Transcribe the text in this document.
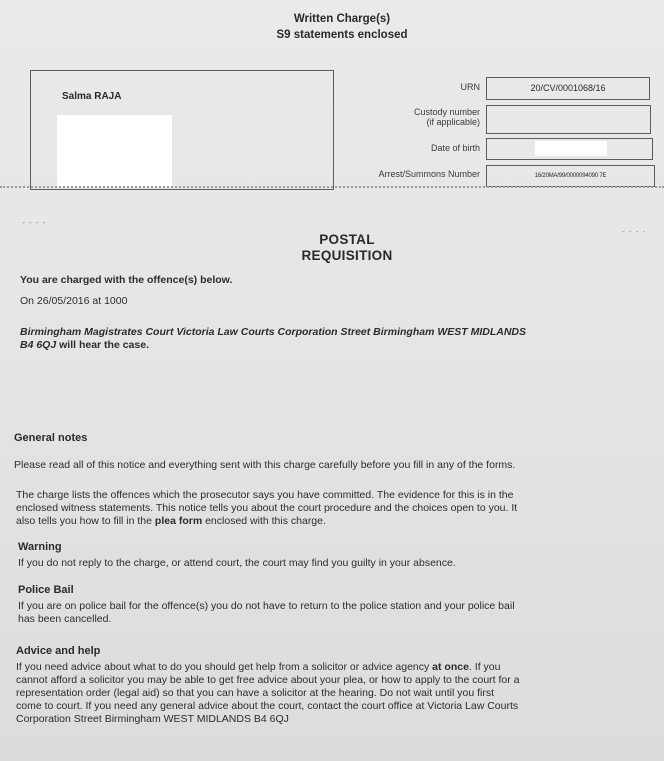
Written Charge(s)
S9 statements enclosed
Salma RAJA
URN	20/CV/0001068/16
Custody number
(if applicable)
Date of birth
Arrest/Summons Number	16/20MA/99/0000094090 7E
- - - -
- - - -
POSTAL
REQUISITION
You are charged with the offence(s) below.
On 26/05/2016 at 1000
Birmingham Magistrates Court Victoria Law Courts Corporation Street Birmingham WEST MIDLANDS
B4 6QJ will hear the case.
General notes
Please read all of this notice and everything sent with this charge carefully before you fill in any of the forms.
The charge lists the offences which the prosecutor says you have committed. The evidence for this is in the
enclosed witness statements. This notice tells you about the court procedure and the choices open to you. It
also tells you how to fill in the plea form enclosed with this charge.
Warning
If you do not reply to the charge, or attend court, the court may find you guilty in your absence.
Police Bail
If you are on police bail for the offence(s) you do not have to return to the police station and your police bail
has been cancelled.
Advice and help
If you need advice about what to do you should get help from a solicitor or advice agency at once. If you
cannot afford a solicitor you may be able to get free advice about your plea, or how to apply to the court for a
representation order (legal aid) so that you can have a solicitor at the hearing. Do not wait until you first
come to court. If you need any general advice about the court, contact the court office at Victoria Law Courts
Corporation Street Birmingham WEST MIDLANDS B4 6QJ
